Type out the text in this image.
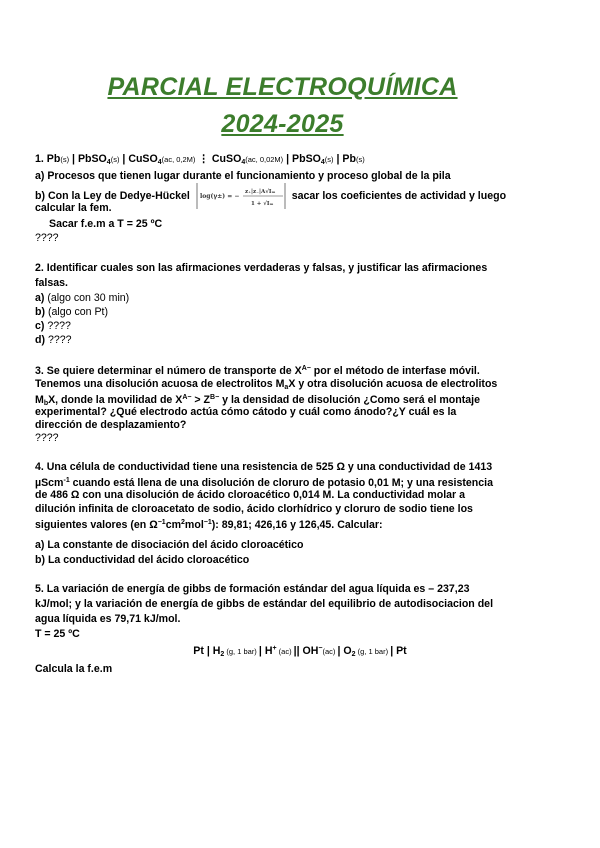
PARCIAL ELECTROQUÍMICA
2024-2025
1. Pb(s) | PbSO$_4$(s) | CuSO$_4$(ac, 0,2M) ⋮ CuSO$_4$(ac, 0,02M) | PbSO$_4$(s) | Pb(s)
a) Procesos que tienen lugar durante el funcionamiento y proceso global de la pila
b) Con la Ley de Dedye-Hückel log(γ±) = −
z₊|z₋|A√Iₘ
1 + √Iₘ
sacar los coeficientes de actividad y luego
calcular la fem.
Sacar f.e.m a T = 25 ºC
????
2. Identificar cuales son las afirmaciones verdaderas y falsas, y justificar las afirmaciones
falsas.
a) (algo con 30 min)
b) (algo con Pt)
c) ????
d) ????
3. Se quiere determinar el número de transporte de $X^{A-}$ por el método de interfase móvil.
Tenemos una disolución acuosa de electrolitos $M_aX$ y otra disolución acuosa de electrolitos
$M_bX$, donde la movilidad de $X^{A-} > Z^{B-}$ y la densidad de disolución ¿Como será el montaje
experimental? ¿Qué electrodo actúa cómo cátodo y cuál como ánodo?¿Y cuál es la
dirección de desplazamiento?
????
4. Una célula de conductividad tiene una resistencia de 525 Ω y una conductividad de 1413
µScm$^{-1}$ cuando está llena de una disolución de cloruro de potasio 0,01 M; y una resistencia
de 486 Ω con una disolución de ácido cloroacético 0,014 M. La conductividad molar a
dilución infinita de cloroacetato de sodio, ácido clorhídrico y cloruro de sodio tiene los
siguientes valores (en $\Omega^{-1}cm^2mol^{-1}$): 89,81; 426,16 y 126,45. Calcular:
a) La constante de disociación del ácido cloroacético
b) La conductividad del ácido cloroacético
5. La variación de energía de gibbs de formación estándar del agua líquida es – 237,23
kJ/mol; y la variación de energía de gibbs de estándar del equilibrio de autodisociacion del
agua líquida es 79,71 kJ/mol.
T = 25 ºC
Pt | $H_2$ (g, 1 bar) | H+ (ac) || OH−(ac) | $O_2$ (g, 1 bar) | Pt
Calcula la f.e.m
